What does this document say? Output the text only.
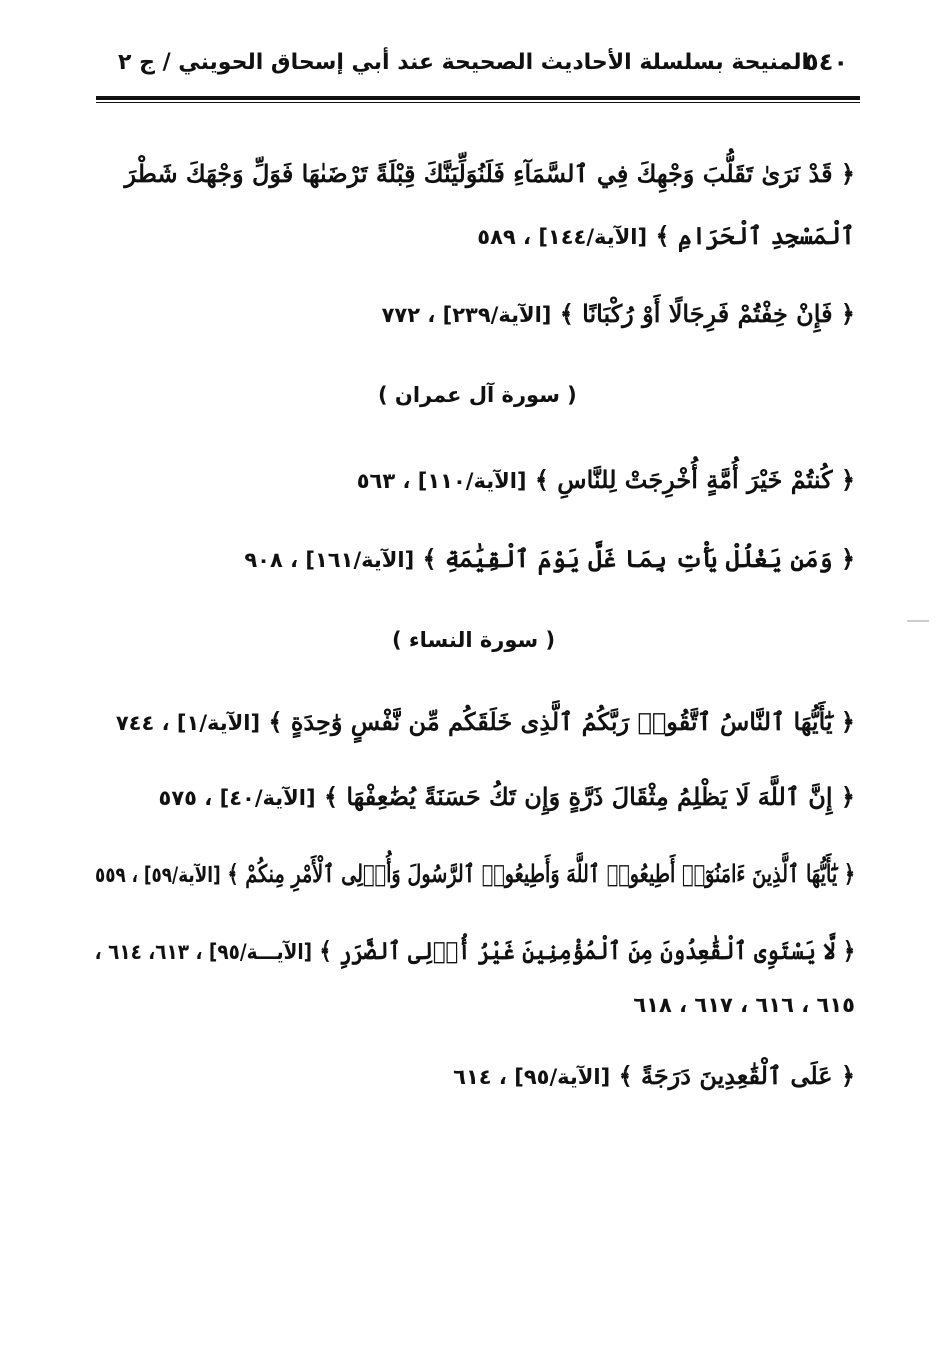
٥٤٠
المنيحة بسلسلة الأحاديث الصحيحة عند أبي إسحاق الحويني / ج ٢
﴿ قَدْ نَرَىٰ تَقَلُّبَ وَجْهِكَ فِي ٱلسَّمَآءِ فَلَنُوَلِّيَنَّكَ قِبْلَةً تَرْضَىٰهَا فَوَلِّ وَجْهَكَ شَطْرَ
ٱلْمَسْجِدِ ٱلْحَرَامِ ﴾ [الآية/١٤٤] ، ٥٨٩
﴿ فَإِنْ خِفْتُمْ فَرِجَالًا أَوْ رُكْبَانًا ﴾ [الآية/٢٣٩] ، ٧٧٢
( سورة آل عمران )
﴿ كُنتُمْ خَيْرَ أُمَّةٍ أُخْرِجَتْ لِلنَّاسِ ﴾ [الآية/١١٠] ، ٥٦٣
﴿ وَمَن يَغْلُلْ يَأْتِ بِمَا غَلَّ يَوْمَ ٱلْقِيَٰمَةِ ﴾ [الآية/١٦١] ، ٩٠٨
( سورة النساء )
﴿ يَٰٓأَيُّهَا ٱلنَّاسُ ٱتَّقُوا۟ رَبَّكُمُ ٱلَّذِى خَلَقَكُم مِّن نَّفْسٍ وَٰحِدَةٍ ﴾ [الآية/١] ، ٧٤٤
﴿ إِنَّ ٱللَّهَ لَا يَظْلِمُ مِثْقَالَ ذَرَّةٍ وَإِن تَكُ حَسَنَةً يُضَٰعِفْهَا ﴾ [الآية/٤٠] ، ٥٧٥
﴿ يَٰٓأَيُّهَا ٱلَّذِينَ ءَامَنُوٓا۟ أَطِيعُوا۟ ٱللَّهَ وَأَطِيعُوا۟ ٱلرَّسُولَ وَأُو۟لِى ٱلْأَمْرِ مِنكُمْ ﴾ [الآية/٥٩] ، ٥٥٩
﴿ لَّا يَسْتَوِى ٱلْقَٰعِدُونَ مِنَ ٱلْمُؤْمِنِينَ غَيْرُ أُو۟لِى ٱلضَّرَرِ ﴾ [الآيـــة/٩٥] ، ٦١٣، ٦١٤ ،
٦١٥ ، ٦١٦ ، ٦١٧ ، ٦١٨
﴿ عَلَى ٱلْقَٰعِدِينَ دَرَجَةً ﴾ [الآية/٩٥] ، ٦١٤
